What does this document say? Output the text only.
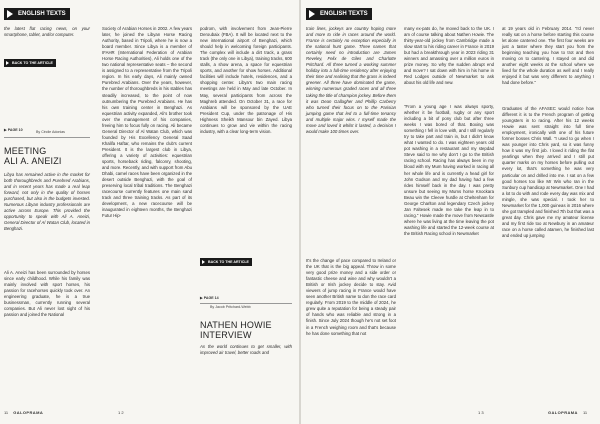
ENGLISH TEXTS
the latest flat racing news, on your smartphone, tablet, and/or computer.
BACK TO THE ARTICLE
▶ PAGE 10	By Cécile Adonias
MEETING
ALI A. ANEIZI
Libya has remained active in the market for both thoroughbreds and Purebred Arabians, and in recent years has made a real leap forward, not only in the quality of horses purchased, but also in the budgets invested. Numerous Libyan industry professionals are active across Europe. This provided the opportunity to speak with Ali A. Aneizi, General Director of Al Watan Club, located in Benghazi.
Ali A. Aneizi has been surrounded by horses since early childhood. While his family was mainly involved with sport horses, his passion for racehorses quickly took over. An engineering graduate, he is a true businessman, currently running several companies. But Ali never lost sight of his passion and joined the National
Society of Arabian Horses in 2002. A few years later, he joined the Libyan Horse Racing Authority, based in Tripoli, where he is now a board member. Since Libya is a member of IFAHR (International Federation of Arabian Horse Racing Authorities), Ali holds one of the two national representative seats – the second is assigned to a representative from the Tripoli region. In his early days, Ali mainly owned Purebred Arabians. Over the years, however, the number of thoroughbreds in his stables has steadily increased, to the point of now outnumbering the Purebred Arabians. He has his own training center in Benghazi. As equestrian activity expanded, Ali's brother took over the management of his companies, freeing him to focus fully on racing. Ali became General Director of Al Watan Club, which was founded by His Excellency General Saad Khalifa Haftar, who remains the club's current President. It is the largest club in Libya, offering a variety of activities: equestrian sports, horseback riding, falconry, shooting, and more. Recently, and with support from Abu Dhabi, camel races have been organized in the desert outside Benghazi, with the goal of preserving local tribal traditions. The Benghazi racecourse currently features one main sand track and three training tracks. As part of its development, a new racecourse will be inaugurated in eighteen months, the Benghazi Futur Hip-
podrom, with involvement from Jean-Pierre Deroubaix (FBA). It will be located next to the new international airport of Benghazi, which should help in welcoming foreign participants. The complex will include a dirt track, a grass track (the only one in Libya), training tracks, 600 stalls, a show arena, a space for equestrian sports, and another for show horses. Additional facilities will include hotels, residences, and a shopping center. Libya's two main racing meetings are held in May and late October. In May, several participants from across the Maghreb attended. On October 31, a race for Arabians will be sponsored by the UAE President Cup, under the patronage of His Highness Sheikh Mansour bin Zayed. Libya continues to grow and vie within the racing industry, with a clear long-term vision.
BACK TO THE ARTICLE
▶ PAGE 14
By Jacob Pritchard-Webb
NATHEN HOWIE
INTERVIEW
As the world continues to get smaller, with improved air travel, better roads and
11 GALOPRAMA	1 2
ENGLISH TEXTS
train lines, jockeys are country hoping more and more to ride in races around the world. France is certainly no exception especially in the national hunt game. Three names that certainly need no introduction are James Reveley, Felix de Giles and Charlotte Pritchard. All three turned a working summer holiday into a full-time residency after enjoying their time and realising that the grass is indeed greener. All three have dominated the game, winning numerous graded races and all three taking the title of champion jockey. Before them it was Dean Gallagher and Phillip Carberry who turned their focus on to the Parisian jumping game that led to a full-time tenancy and multiple major wins. I myself made the move and loved it whilst it lasted, a decision I would make 100 times over.
It's the change of pace compared to Ireland or the UK that is the big appeal. Throw in some very good prize money and a side order or fantastic cheese and wine and why wouldn't a British or Irish jockey decide to stay. Avid viewers of jump racing in France would have seen another British name to don the race card regularly. From 2019 to the middle of 2024, he grew quite a reputation for being a steady pair of hands who was reliable and strong in a finish. Since July 2024 though he's not set foot in a French weighing room and that's because he has done something that not
many ex-pats do, he moved back to the UK. I am of course talking about Nathen Howie. The thirty-year-old jockey from Cambridge made a slow start to his riding career in France in 2019 but had a breakthrough year in 2023 riding 31 winners and amassing over a million euros in prize money. So why the sudden abrupt end and move? I sat down with him in his home in Red Lodges outside of Newmarket to ask about his old life and new.
"From a young age I was always sporty, whether it be football, rugby or any sport including a bit of pony club but after three weeks I was bored of that. Boxing was something I fell in love with, and I still regularly try to take part and train in, but I didn't know what I wanted to do. I was eighteen years old pot washing in a restaurant and my stepdad Steve said to me why don't I go to the British racing school. Racing has always been in my blood with my Mum having worked in racing all her whole life and is currently a head girl for John Godson and my dad having had a few rides himself back in the day. I was pretty unsure but seeing my Mums horse Knockara Beau win the Cleeve hurdle at Cheltenham for George Charlton and legendary Czech jockey Jan Faltesek made me take the leap in to racing." Howie made the move from Newcastle where he was living at the time leaving the pot washing life and started the 12-week course at the British Racing school in Newmarket
at 19 years old in February 2014. "I'd never really sat on a horse before starting this course let alone cantered one. The first four weeks are just a taster where they start you from the beginning teaching you how to trot and then moving on to cantering. I stayed on and did another eight weeks at the school where we lived for the whole duration as well and I really enjoyed it but was very different to anything I had done before."
Graduates of the AFASEC would notice how different it is to the French program of getting youngsters in to racing. After his 12 weeks Howie was sent straight into full time employment, ironically with one of his future former bosses Chris Wall. "I used to go when I was younger into Chris yard, so it was funny how it was my first job. I loved it riding the flat yearlings when they arrived and I still put quarter marks on my horses before pulling out every lot, that's something he was very particular on and drilled into me. I sat on a few good horses too like Mr Win who ran in the Sunbury cup handicap at Newmarket. One I had a lot to do with and rode every day was mix and mingle, she was special. I took her to Newmarket for the 1,000 guineas in 2016 where she got trampled and finished 7th but that was a great day. Chris gave me my amateur license and my first ride too at Newbury in an amateur race on a horse called atamen, he finished last and ended up jumping
1 3	GALOPRAMA 11
